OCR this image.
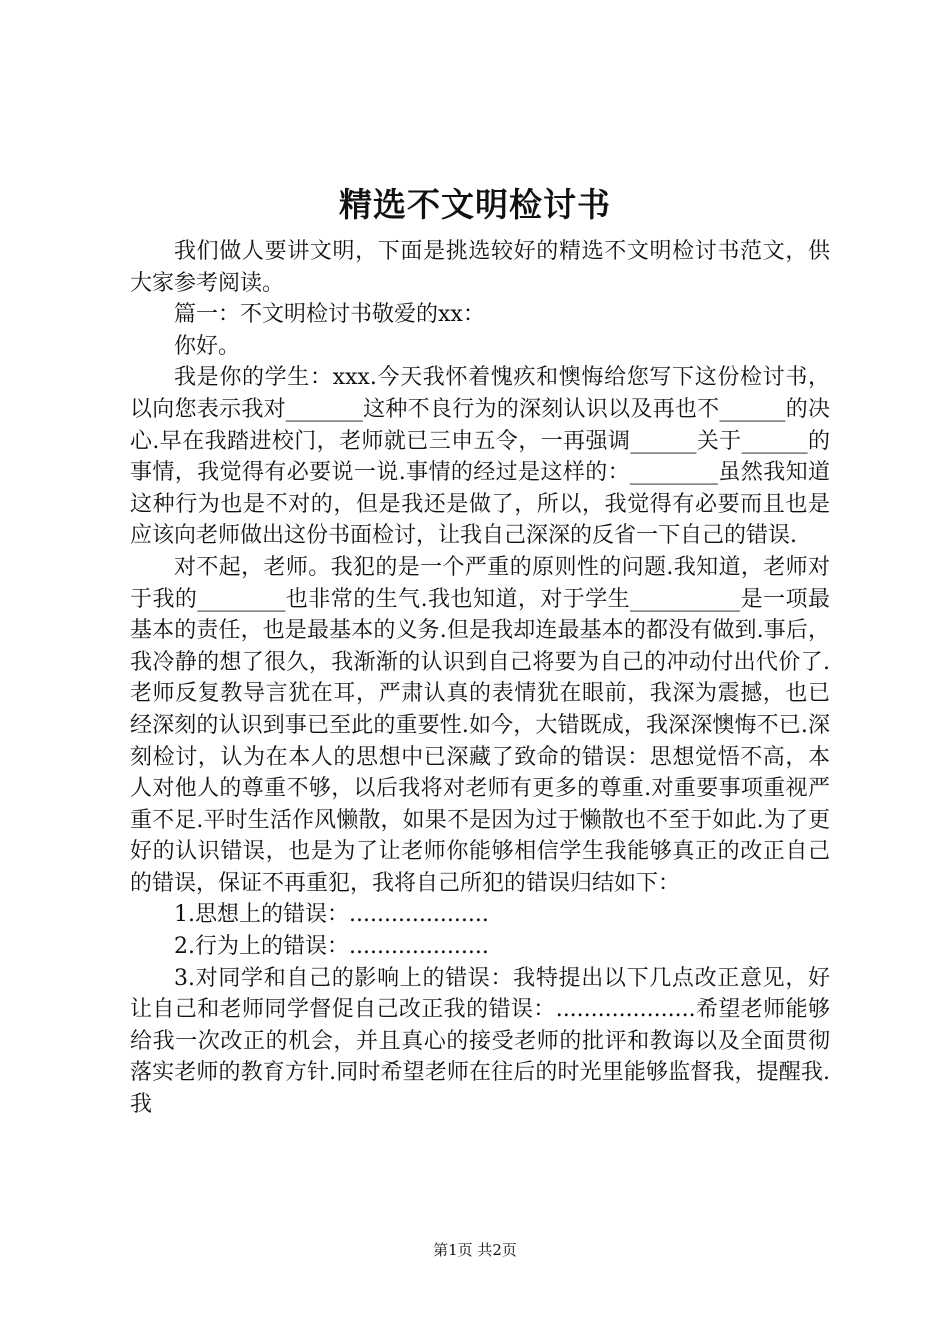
精选不文明检讨书

我们做人要讲文明，下面是挑选较好的精选不文明检讨书范文，供大家参考阅读。

篇一：不文明检讨书敬爱的xx：

你好。

我是你的学生：xxx.今天我怀着愧疚和懊悔给您写下这份检讨书，以向您表示我对_______这种不良行为的深刻认识以及再也不______的决心.早在我踏进校门，老师就已三申五令，一再强调______关于______的事情，我觉得有必要说一说.事情的经过是这样的：________虽然我知道这种行为也是不对的，但是我还是做了，所以，我觉得有必要而且也是应该向老师做出这份书面检讨，让我自己深深的反省一下自己的错误.

对不起，老师。我犯的是一个严重的原则性的问题.我知道，老师对于我的________也非常的生气.我也知道，对于学生__________是一项最基本的责任，也是最基本的义务.但是我却连最基本的都没有做到.事后，我冷静的想了很久，我渐渐的认识到自己将要为自己的冲动付出代价了.老师反复教导言犹在耳，严肃认真的表情犹在眼前，我深为震撼，也已经深刻的认识到事已至此的重要性.如今，大错既成，我深深懊悔不已.深刻检讨，认为在本人的思想中已深藏了致命的错误：思想觉悟不高，本人对他人的尊重不够，以后我将对老师有更多的尊重.对重要事项重视严重不足.平时生活作风懒散，如果不是因为过于懒散也不至于如此.为了更好的认识错误，也是为了让老师你能够相信学生我能够真正的改正自己的错误，保证不再重犯，我将自己所犯的错误归结如下：

1.思想上的错误：....................

2.行为上的错误：....................

3.对同学和自己的影响上的错误：我特提出以下几点改正意见，好让自己和老师同学督促自己改正我的错误：....................希望老师能够给我一次改正的机会，并且真心的接受老师的批评和教诲以及全面贯彻落实老师的教育方针.同时希望老师在往后的时光里能够监督我，提醒我.我

第1页 共2页
